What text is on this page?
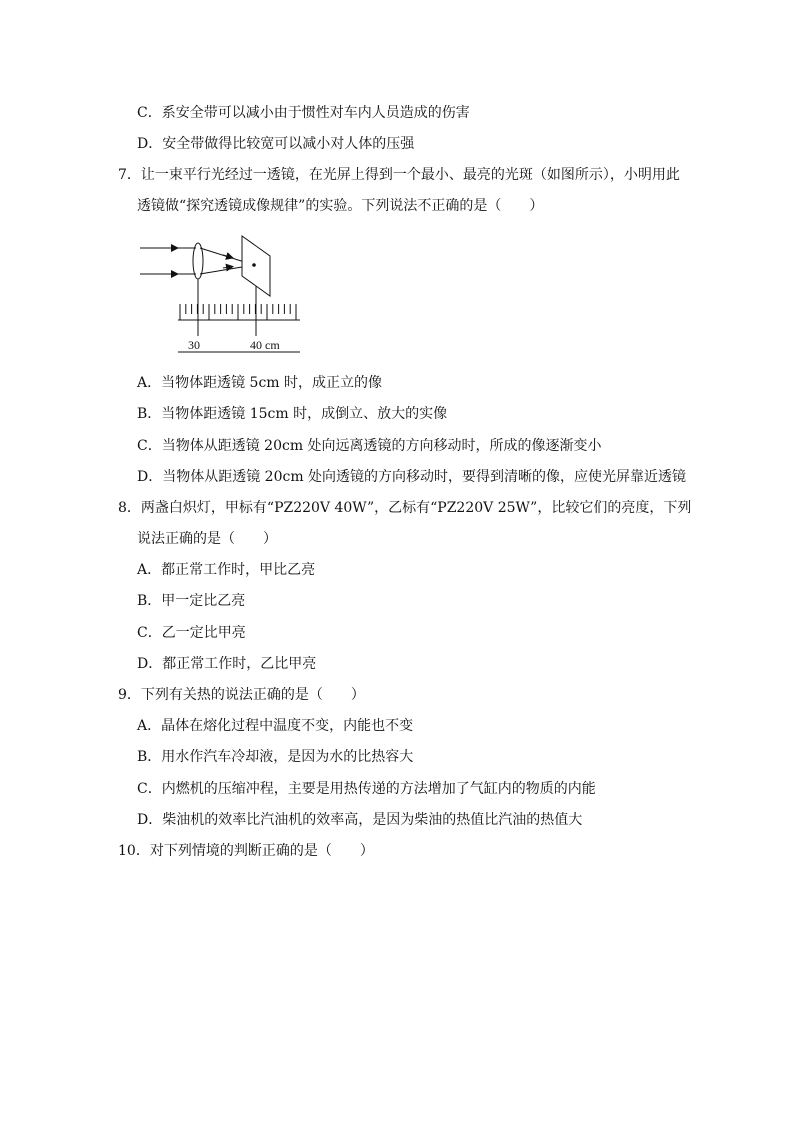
C．系安全带可以减小由于惯性对车内人员造成的伤害
D．安全带做得比较宽可以减小对人体的压强
7．让一束平行光经过一透镜，在光屏上得到一个最小、最亮的光斑（如图所示），小明用此
透镜做“探究透镜成像规律”的实验。下列说法不正确的是（　　）
30	40 cm
A．当物体距透镜 5cm 时，成正立的像
B．当物体距透镜 15cm 时，成倒立、放大的实像
C．当物体从距透镜 20cm 处向远离透镜的方向移动时，所成的像逐渐变小
D．当物体从距透镜 20cm 处向透镜的方向移动时，要得到清晰的像，应使光屏靠近透镜
8．两盏白炽灯，甲标有“PZ220V 40W”，乙标有“PZ220V 25W”，比较它们的亮度，下列
说法正确的是（　　）
A．都正常工作时，甲比乙亮
B．甲一定比乙亮
C．乙一定比甲亮
D．都正常工作时，乙比甲亮
9．下列有关热的说法正确的是（　　）
A．晶体在熔化过程中温度不变，内能也不变
B．用水作汽车冷却液，是因为水的比热容大
C．内燃机的压缩冲程，主要是用热传递的方法增加了气缸内的物质的内能
D．柴油机的效率比汽油机的效率高，是因为柴油的热值比汽油的热值大
10．对下列情境的判断正确的是（　　）
